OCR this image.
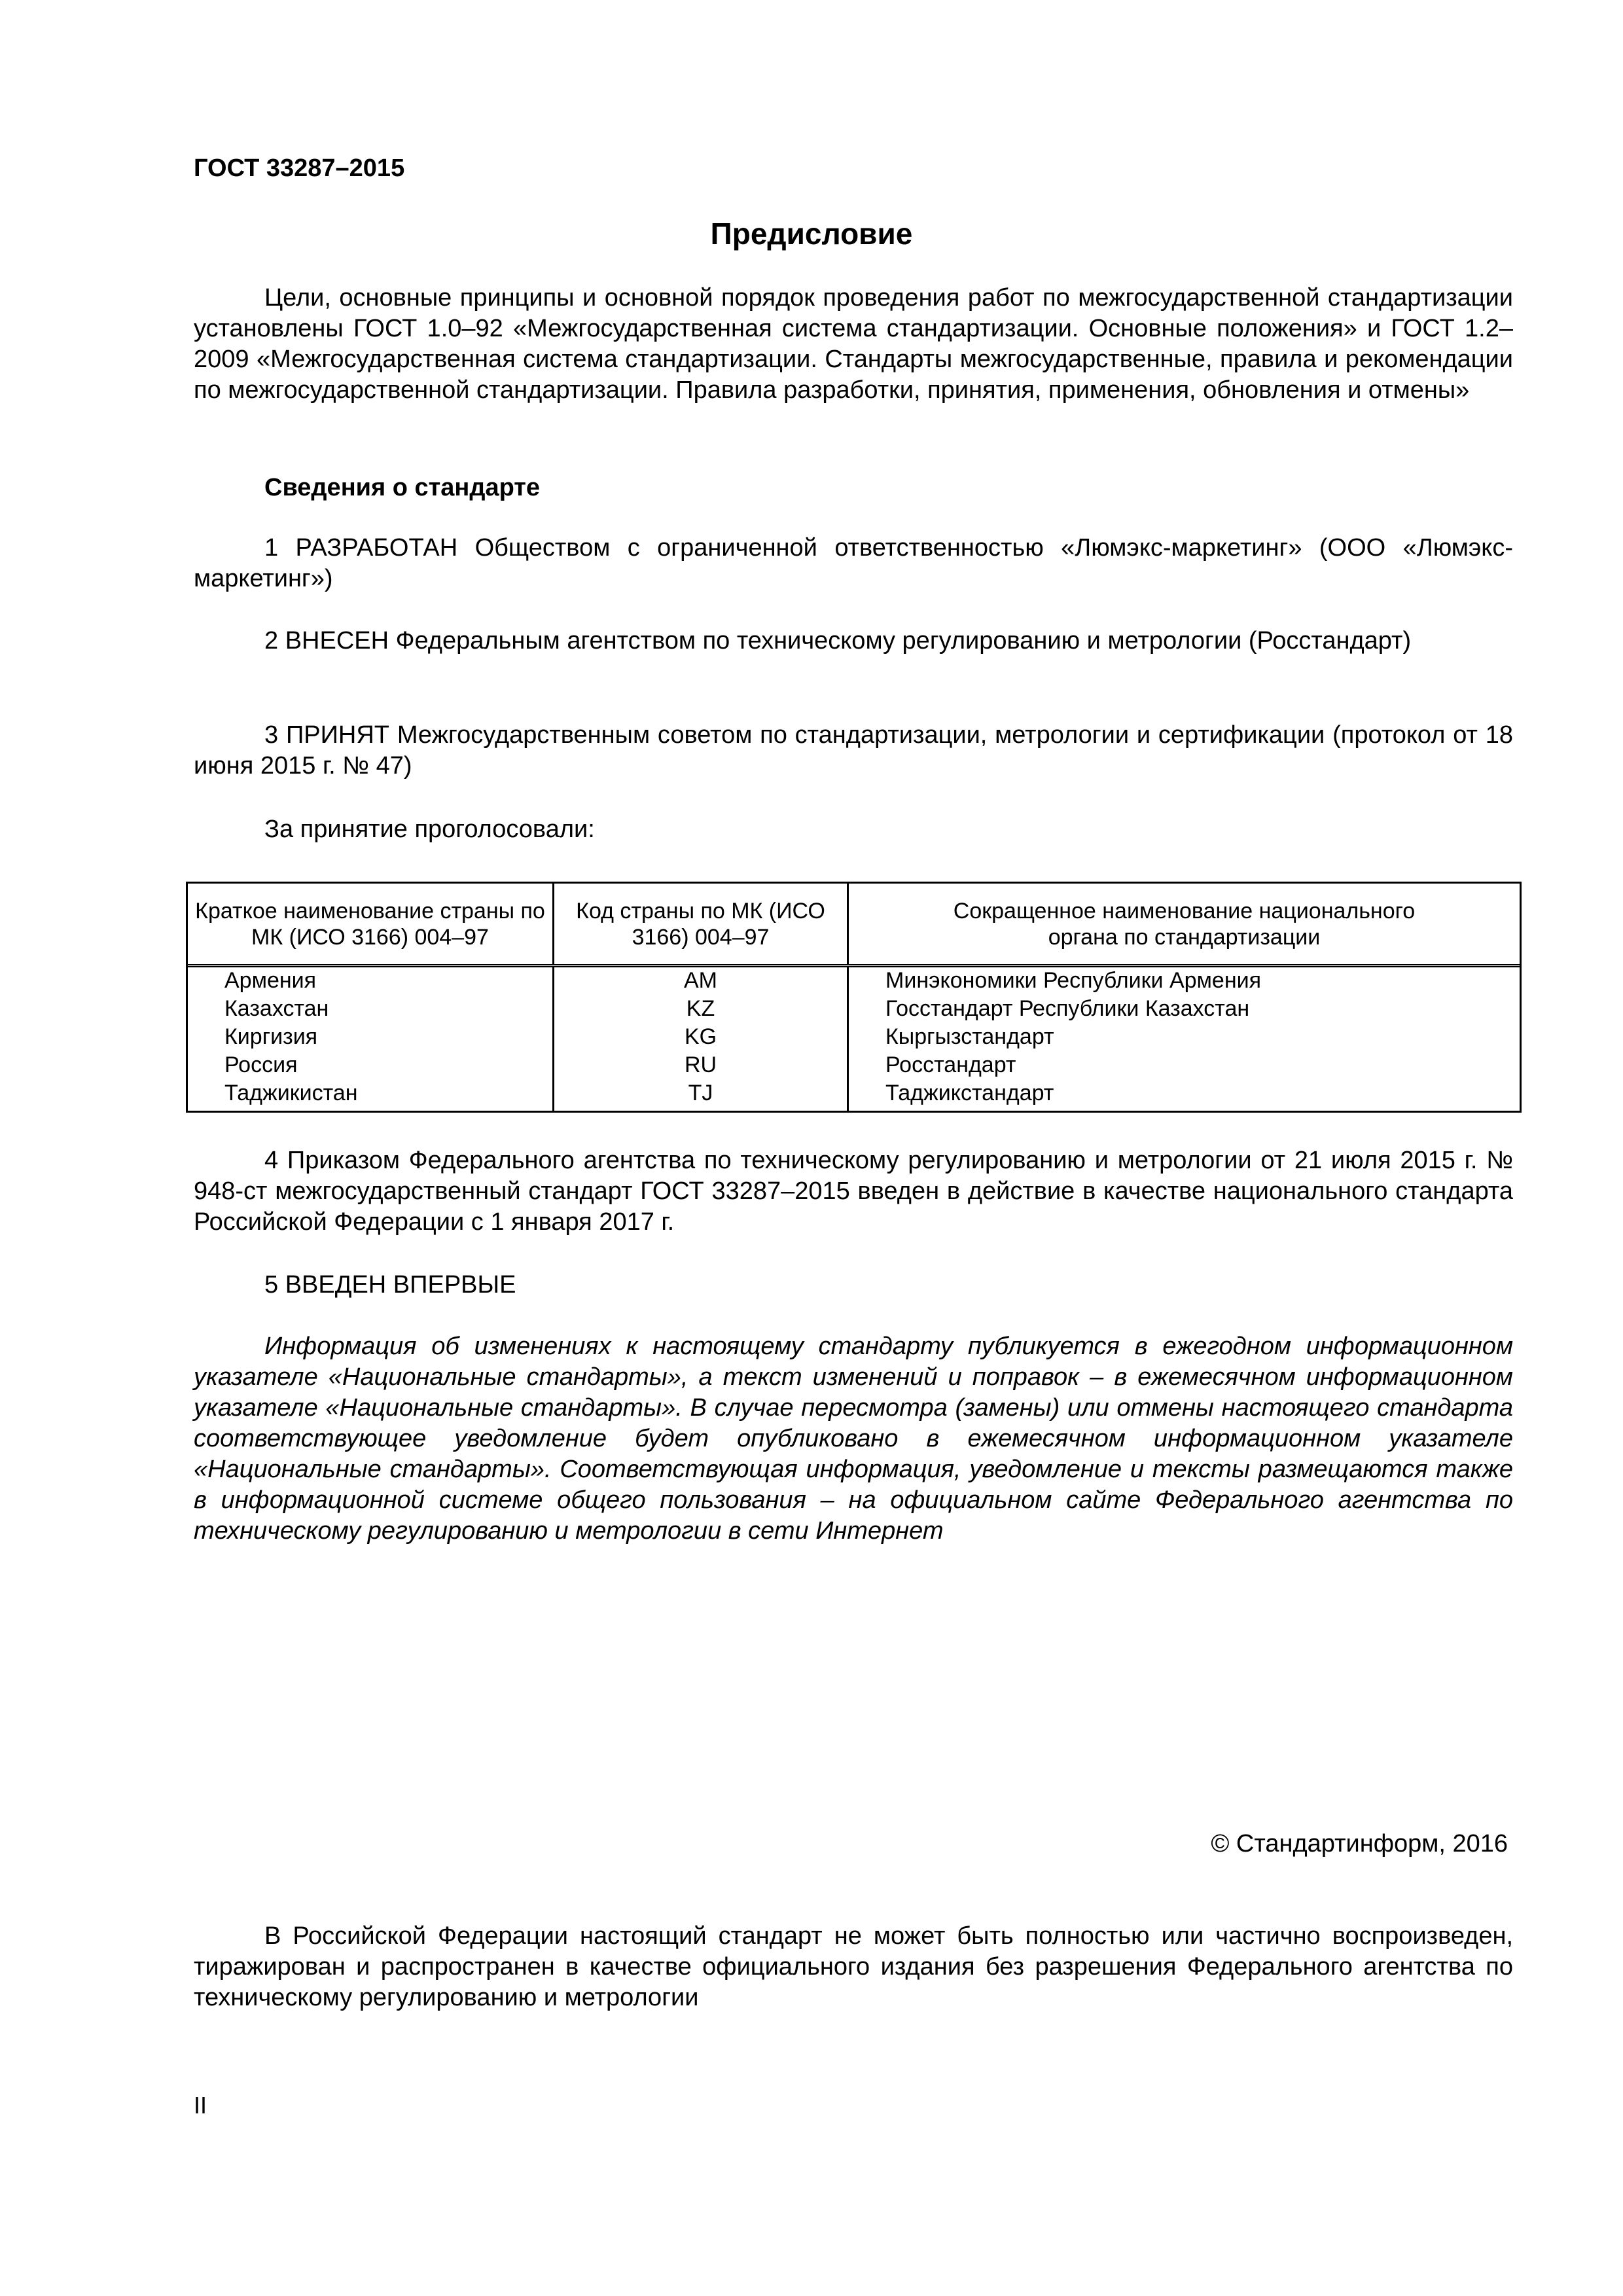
ГОСТ 33287–2015
Предисловие
Цели, основные принципы и основной порядок проведения работ по межгосударственной стандартизации установлены ГОСТ 1.0–92 «Межгосударственная система стандартизации. Основные положения» и ГОСТ 1.2–2009 «Межгосударственная система стандартизации. Стандарты межгосударственные, правила и рекомендации по межгосударственной стандартизации. Правила разработки, принятия, применения, обновления и отмены»
Сведения о стандарте
1 РАЗРАБОТАН Обществом с ограниченной ответственностью «Люмэкс-маркетинг» (ООО «Люмэкс-маркетинг»)
2 ВНЕСЕН Федеральным агентством по техническому регулированию и метрологии (Росстандарт)
3 ПРИНЯТ Межгосударственным советом по стандартизации, метрологии и сертификации (протокол от 18 июня 2015 г. № 47)
За принятие проголосовали:
Краткое наименование страны по МК (ИСО 3166) 004–97
Код страны по МК (ИСО 3166) 004–97
Сокращенное наименование национального органа по стандартизации
Армения
Казахстан
Киргизия
Россия
Таджикистан
AM
KZ
KG
RU
TJ
Минэкономики Республики Армения
Госстандарт Республики Казахстан
Кыргызстандарт
Росстандарт
Таджикстандарт
4 Приказом Федерального агентства по техническому регулированию и метрологии от 21 июля 2015 г. № 948-ст межгосударственный стандарт ГОСТ 33287–2015 введен в действие в качестве национального стандарта Российской Федерации с 1 января 2017 г.
5 ВВЕДЕН ВПЕРВЫЕ
Информация об изменениях к настоящему стандарту публикуется в ежегодном информационном указателе «Национальные стандарты», а текст изменений и поправок – в ежемесячном информационном указателе «Национальные стандарты». В случае пересмотра (замены) или отмены настоящего стандарта соответствующее уведомление будет опубликовано в ежемесячном информационном указателе «Национальные стандарты». Соответствующая информация, уведомление и тексты размещаются также в информационной системе общего пользования – на официальном сайте Федерального агентства по техническому регулированию и метрологии в сети Интернет
© Стандартинформ, 2016
В Российской Федерации настоящий стандарт не может быть полностью или частично воспроизведен, тиражирован и распространен в качестве официального издания без разрешения Федерального агентства по техническому регулированию и метрологии
II
